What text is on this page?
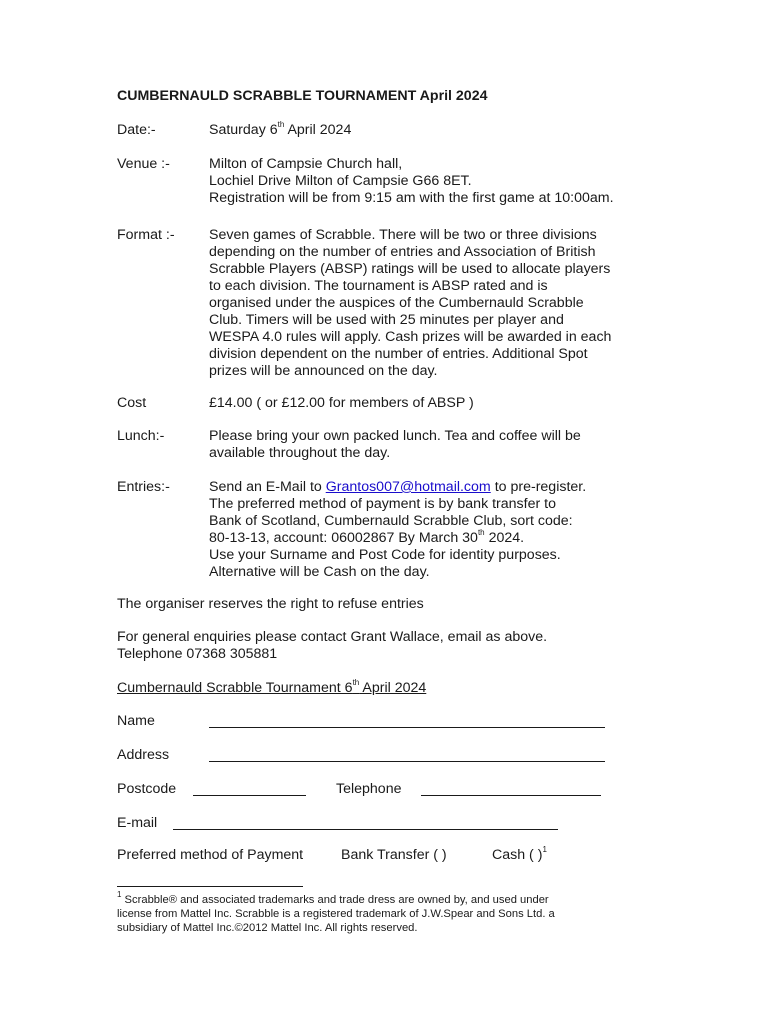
CUMBERNAULD SCRABBLE TOURNAMENT April 2024
Date:-	Saturday 6th April 2024
Venue :-	Milton of Campsie Church hall,
Lochiel Drive Milton of Campsie G66 8ET.
Registration will be from 9:15 am with the first game at 10:00am.
Format :- Seven games of Scrabble. There will be two or three divisions
depending on the number of entries and Association of British
Scrabble Players (ABSP) ratings will be used to allocate players
to each division. The tournament is ABSP rated and is
organised under the auspices of the Cumbernauld Scrabble
Club. Timers will be used with 25 minutes per player and
WESPA 4.0 rules will apply. Cash prizes will be awarded in each
division dependent on the number of entries. Additional Spot
prizes will be announced on the day.
Cost	£14.00 ( or £12.00 for members of ABSP )
Lunch:-	Please bring your own packed lunch. Tea and coffee will be
available throughout the day.
Entries:-	Send an E-Mail to Grantos007@hotmail.com to pre-register.
The preferred method of payment is by bank transfer to
Bank of Scotland, Cumbernauld Scrabble Club, sort code:
80-13-13, account: 06002867 By March 30th 2024.
Use your Surname and Post Code for identity purposes.
Alternative will be Cash on the day.
The organiser reserves the right to refuse entries
For general enquiries please contact Grant Wallace, email as above.
Telephone 07368 305881
Cumbernauld Scrabble Tournament 6th April 2024
Name
Address
Postcode	Telephone
E-mail
Preferred method of Payment	Bank Transfer ( )	Cash ( )$^1$
$^1$ Scrabble® and associated trademarks and trade dress are owned by, and used under
license from Mattel Inc. Scrabble is a registered trademark of J.W.Spear and Sons Ltd. a
subsidiary of Mattel Inc.©2012 Mattel Inc. All rights reserved.
